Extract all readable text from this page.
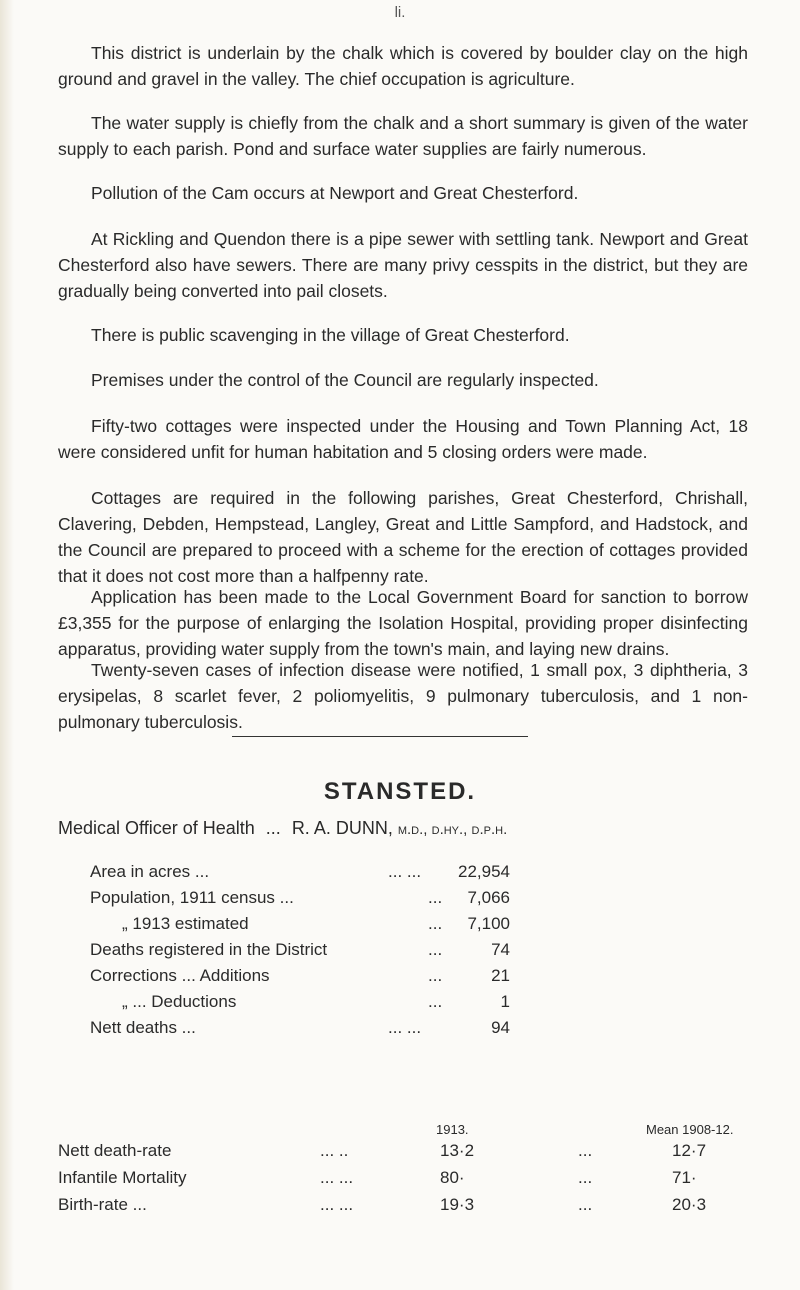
li.

This district is underlain by the chalk which is covered by boulder clay on the high ground and gravel in the valley. The chief occupation is agriculture.

The water supply is chiefly from the chalk and a short summary is given of the water supply to each parish. Pond and surface water supplies are fairly numerous.

Pollution of the Cam occurs at Newport and Great Chesterford.

At Rickling and Quendon there is a pipe sewer with settling tank. Newport and Great Chesterford also have sewers. There are many privy cesspits in the district, but they are gradually being converted into pail closets.

There is public scavenging in the village of Great Chesterford.

Premises under the control of the Council are regularly inspected.

Fifty-two cottages were inspected under the Housing and Town Planning Act, 18 were considered unfit for human habitation and 5 closing orders were made.

Cottages are required in the following parishes, Great Chesterford, Chrishall, Clavering, Debden, Hempstead, Langley, Great and Little Sampford, and Hadstock, and the Council are prepared to proceed with a scheme for the erection of cottages provided that it does not cost more than a halfpenny rate.

Application has been made to the Local Government Board for sanction to borrow £3,355 for the purpose of enlarging the Isolation Hospital, providing proper disinfecting apparatus, providing water supply from the town's main, and laying new drains.

Twenty-seven cases of infection disease were notified, 1 small pox, 3 diphtheria, 3 erysipelas, 8 scarlet fever, 2 poliomyelitis, 9 pulmonary tuberculosis, and 1 non-pulmonary tuberculosis.

STANSTED.
Medical Officer of Health ... R. A. DUNN, m.d., d.hy., d.p.h.
Area in acres ...	... ... 22,954
Population, 1911 census ...	... 7,066
„ 1913 estimated	... 7,100
Deaths registered in the District	...	74
Corrections ... Additions	...	21
„ ... Deductions	...	1
Nett deaths ...	... ...	94
1913.	Mean 1908-12.
Nett death-rate	... ..	13·2	...	12·7
Infantile Mortality	... ...	80·	...	71·
Birth-rate ...	... ...	19·3	...	20·3
